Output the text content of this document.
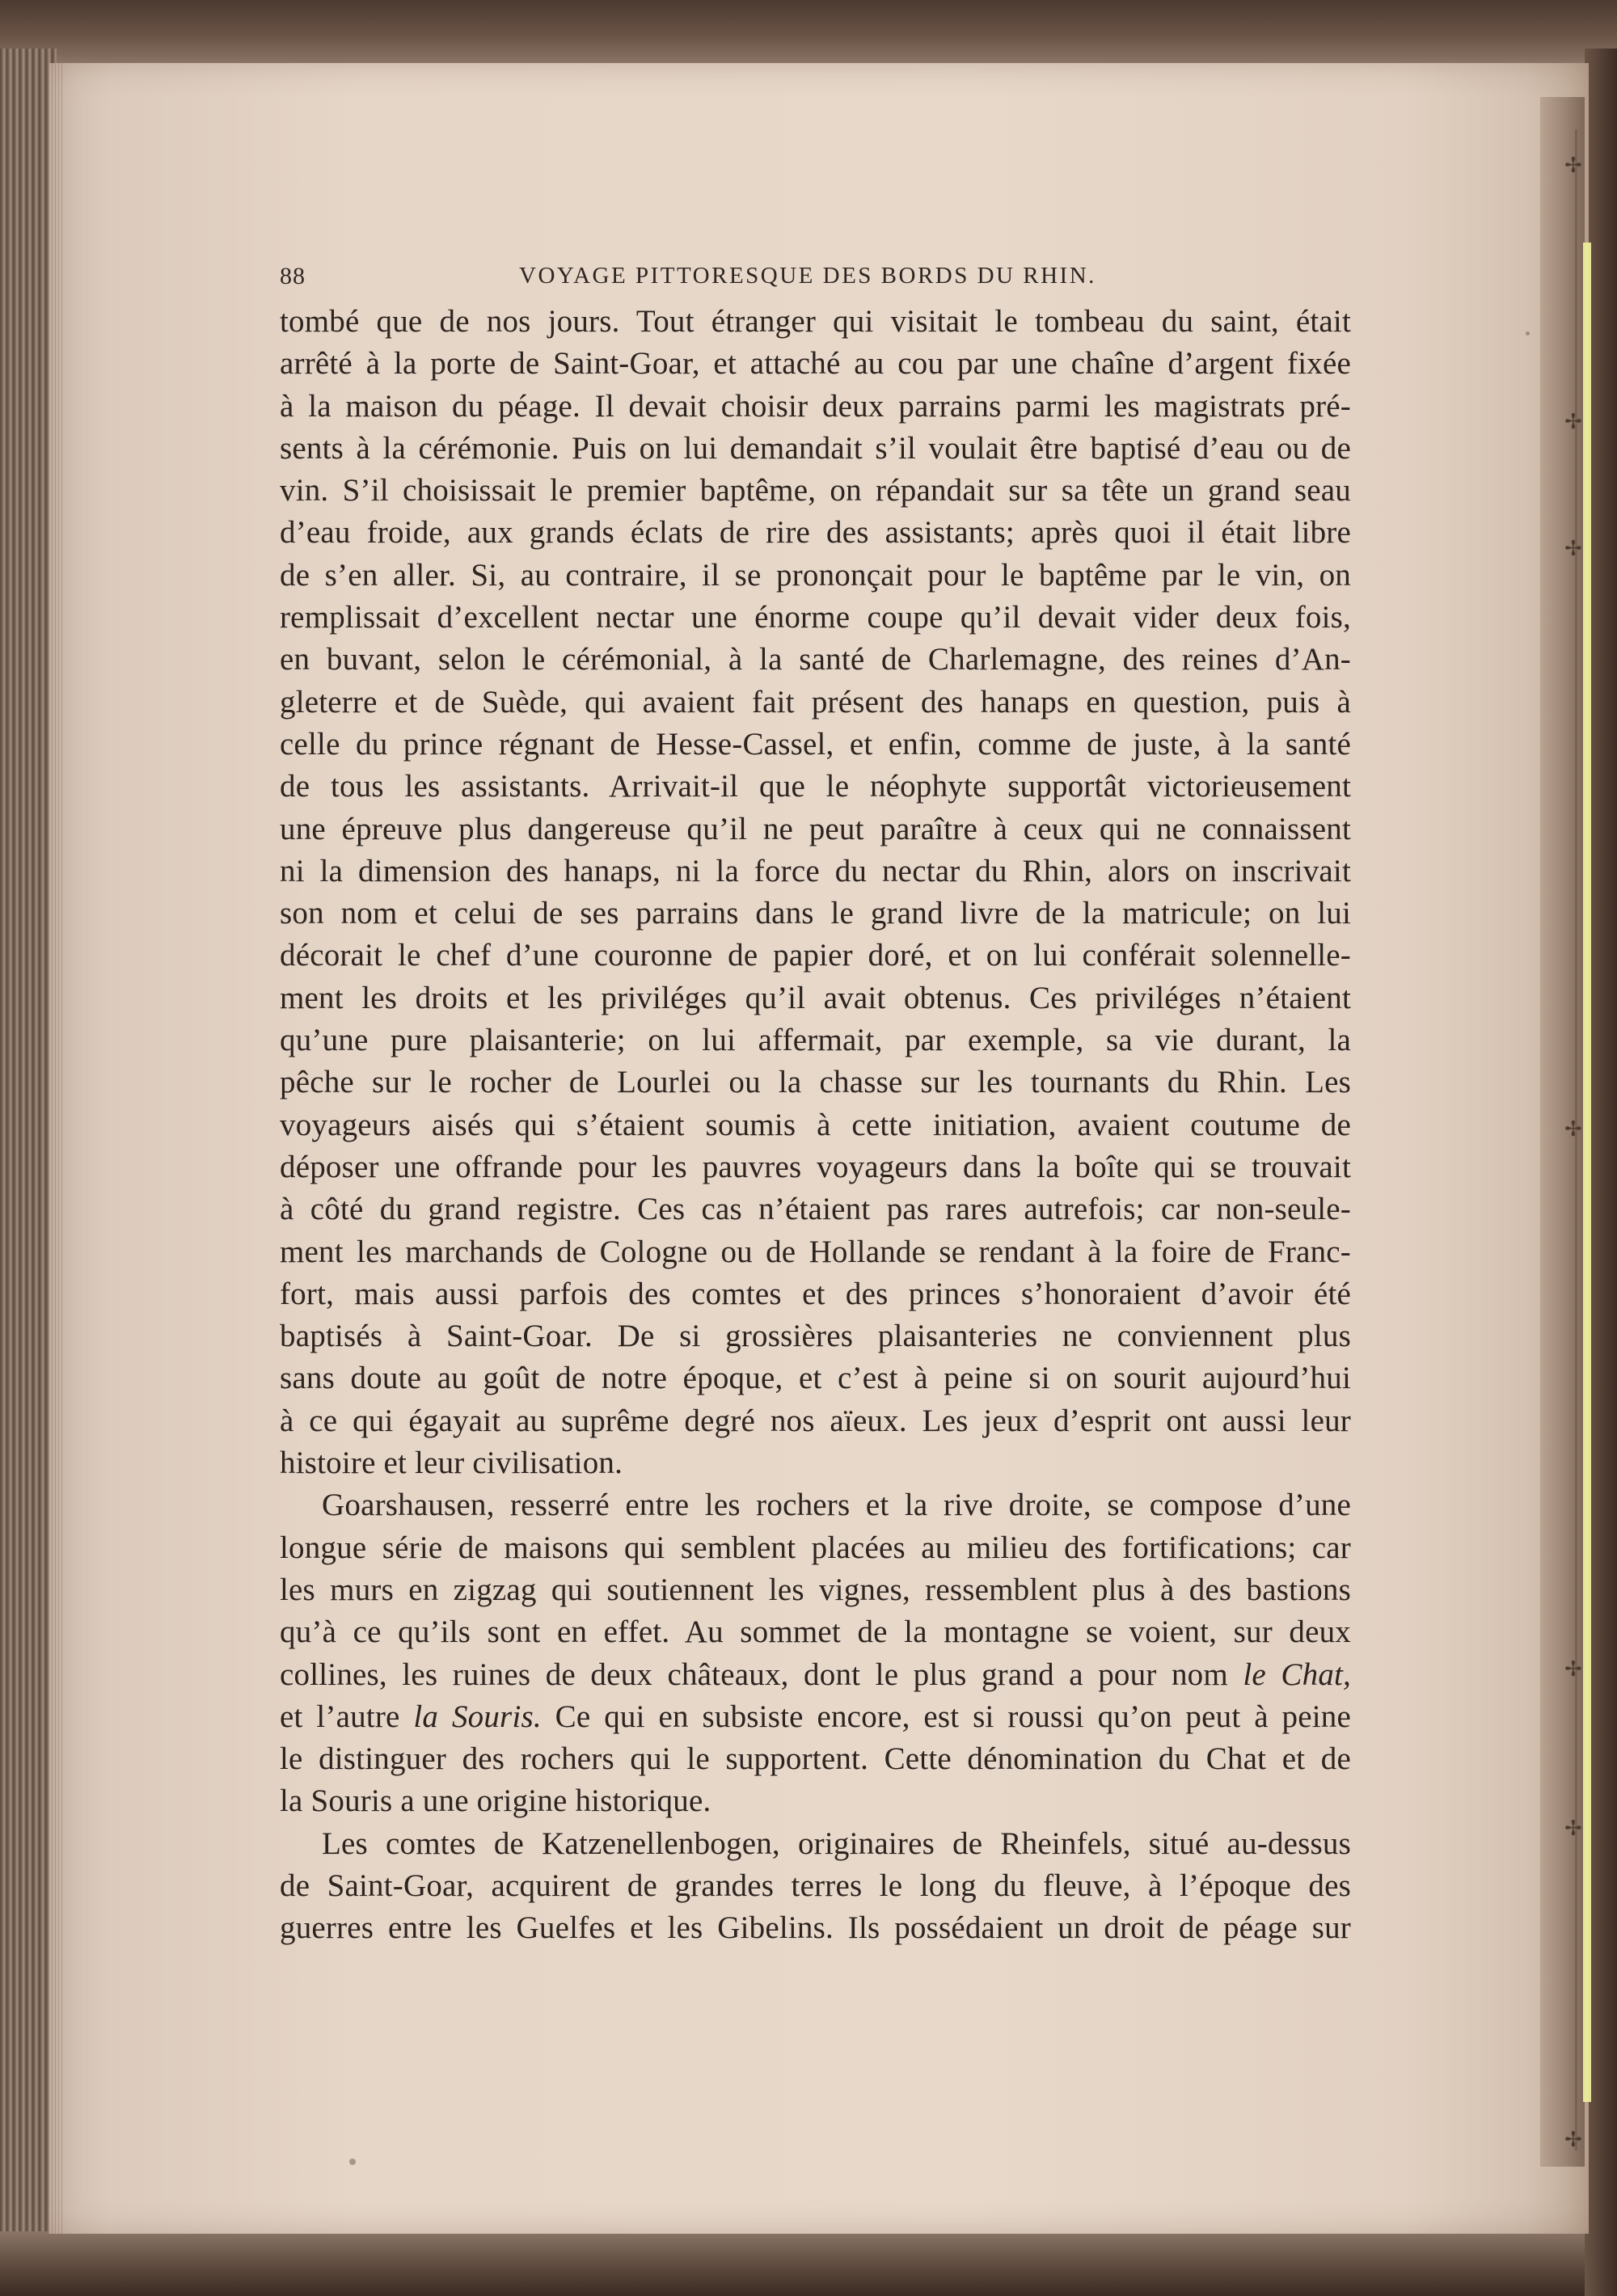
✢
✢
✢
✢
✢
✢
✢
88	VOYAGE PITTORESQUE DES BORDS DU RHIN.

tombé que de nos jours. Tout étranger qui visitait le tombeau du saint, était
arrêté à la porte de Saint-Goar, et attaché au cou par une chaîne d’argent fixée
à la maison du péage. Il devait choisir deux parrains parmi les magistrats pré-
sents à la cérémonie. Puis on lui demandait s’il voulait être baptisé d’eau ou de
vin. S’il choisissait le premier baptême, on répandait sur sa tête un grand seau
d’eau froide, aux grands éclats de rire des assistants; après quoi il était libre
de s’en aller. Si, au contraire, il se prononçait pour le baptême par le vin, on
remplissait d’excellent nectar une énorme coupe qu’il devait vider deux fois,
en buvant, selon le cérémonial, à la santé de Charlemagne, des reines d’An-
gleterre et de Suède, qui avaient fait présent des hanaps en question, puis à
celle du prince régnant de Hesse-Cassel, et enfin, comme de juste, à la santé
de tous les assistants. Arrivait-il que le néophyte supportât victorieusement
une épreuve plus dangereuse qu’il ne peut paraître à ceux qui ne connaissent
ni la dimension des hanaps, ni la force du nectar du Rhin, alors on inscrivait
son nom et celui de ses parrains dans le grand livre de la matricule; on lui
décorait le chef d’une couronne de papier doré, et on lui conférait solennelle-
ment les droits et les priviléges qu’il avait obtenus. Ces priviléges n’étaient
qu’une pure plaisanterie; on lui affermait, par exemple, sa vie durant, la
pêche sur le rocher de Lourlei ou la chasse sur les tournants du Rhin. Les
voyageurs aisés qui s’étaient soumis à cette initiation, avaient coutume de
déposer une offrande pour les pauvres voyageurs dans la boîte qui se trouvait
à côté du grand registre. Ces cas n’étaient pas rares autrefois; car non-seule-
ment les marchands de Cologne ou de Hollande se rendant à la foire de Franc-
fort, mais aussi parfois des comtes et des princes s’honoraient d’avoir été
baptisés à Saint-Goar. De si grossières plaisanteries ne conviennent plus
sans doute au goût de notre époque, et c’est à peine si on sourit aujourd’hui
à ce qui égayait au suprême degré nos aïeux. Les jeux d’esprit ont aussi leur
histoire et leur civilisation.

Goarshausen, resserré entre les rochers et la rive droite, se compose d’une
longue série de maisons qui semblent placées au milieu des fortifications; car
les murs en zigzag qui soutiennent les vignes, ressemblent plus à des bastions
qu’à ce qu’ils sont en effet. Au sommet de la montagne se voient, sur deux
collines, les ruines de deux châteaux, dont le plus grand a pour nom le Chat,
et l’autre la Souris. Ce qui en subsiste encore, est si roussi qu’on peut à peine
le distinguer des rochers qui le supportent. Cette dénomination du Chat et de
la Souris a une origine historique.

Les comtes de Katzenellenbogen, originaires de Rheinfels, situé au-dessus
de Saint-Goar, acquirent de grandes terres le long du fleuve, à l’époque des
guerres entre les Guelfes et les Gibelins. Ils possédaient un droit de péage sur
